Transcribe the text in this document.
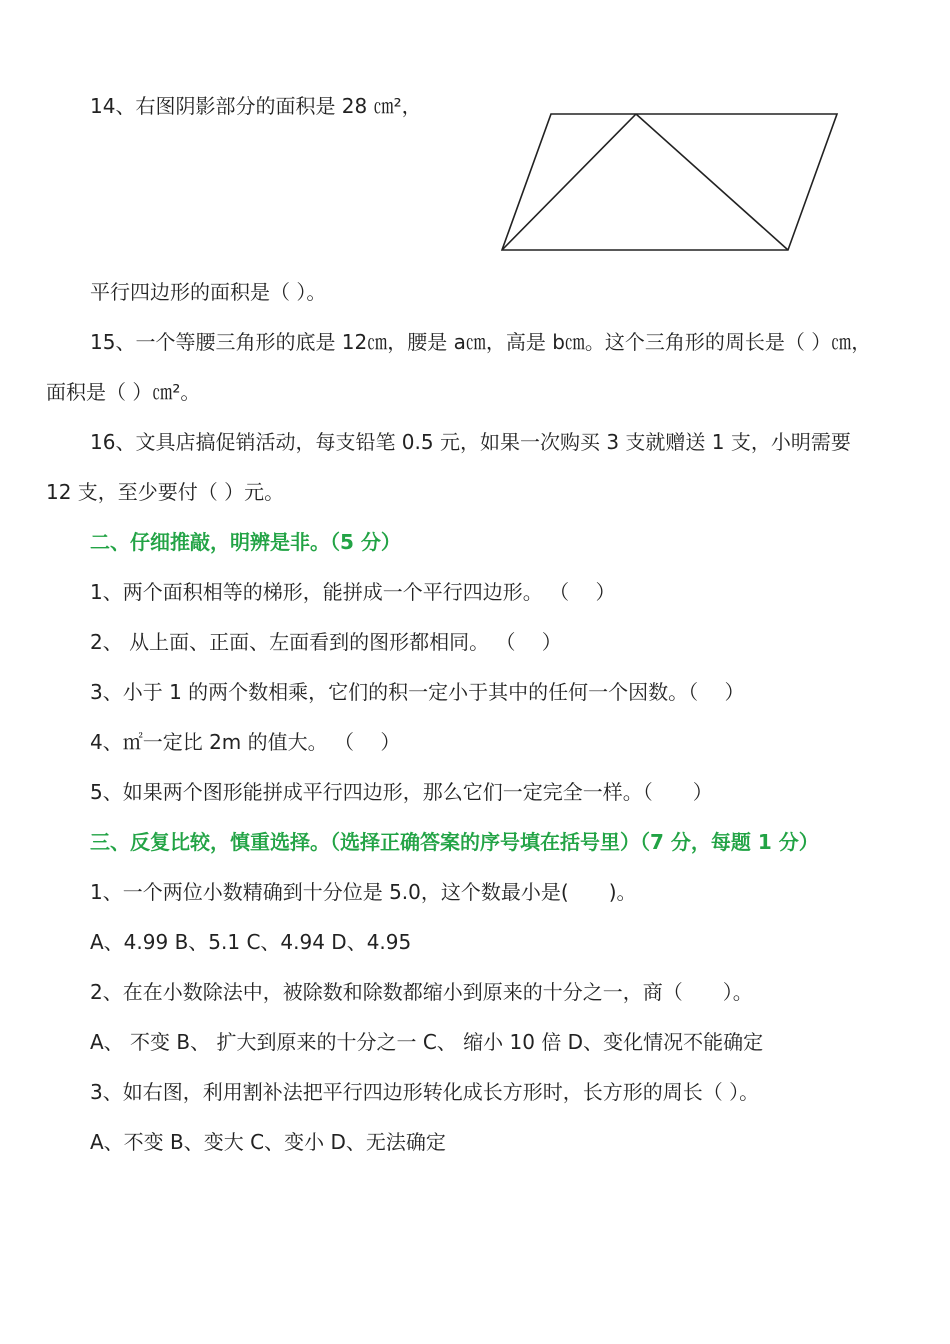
14、右图阴影部分的面积是 28 ㎝²，
平行四边形的面积是（ ）。
15、一个等腰三角形的底是 12㎝，腰是 a㎝，高是 b㎝。这个三角形的周长是（ ）㎝，
面积是（ ）㎝²。
16、文具店搞促销活动，每支铅笔 0.5 元，如果一次购买 3 支就赠送 1 支，小明需要
12 支，至少要付（ ）元。
二、仔细推敲，明辨是非。（5 分）
1、两个面积相等的梯形，能拼成一个平行四边形。 （　 ）
2、 从上面、正面、左面看到的图形都相同。 （　 ）
3、小于 1 的两个数相乘，它们的积一定小于其中的任何一个因数。（　 ）
4、㎡一定比 2m 的值大。 （　 ）
5、如果两个图形能拼成平行四边形，那么它们一定完全一样。（　　）
三、反复比较，慎重选择。（选择正确答案的序号填在括号里）（7 分，每题 1 分）
1、一个两位小数精确到十分位是 5.0，这个数最小是(　　)。
A、4.99 B、5.1 C、4.94 D、4.95
2、在在小数除法中，被除数和除数都缩小到原来的十分之一，商（　　）。
A、 不变 B、 扩大到原来的十分之一 C、 缩小 10 倍 D、变化情况不能确定
3、如右图，利用割补法把平行四边形转化成长方形时，长方形的周长（ ）。
A、不变 B、变大 C、变小 D、无法确定
